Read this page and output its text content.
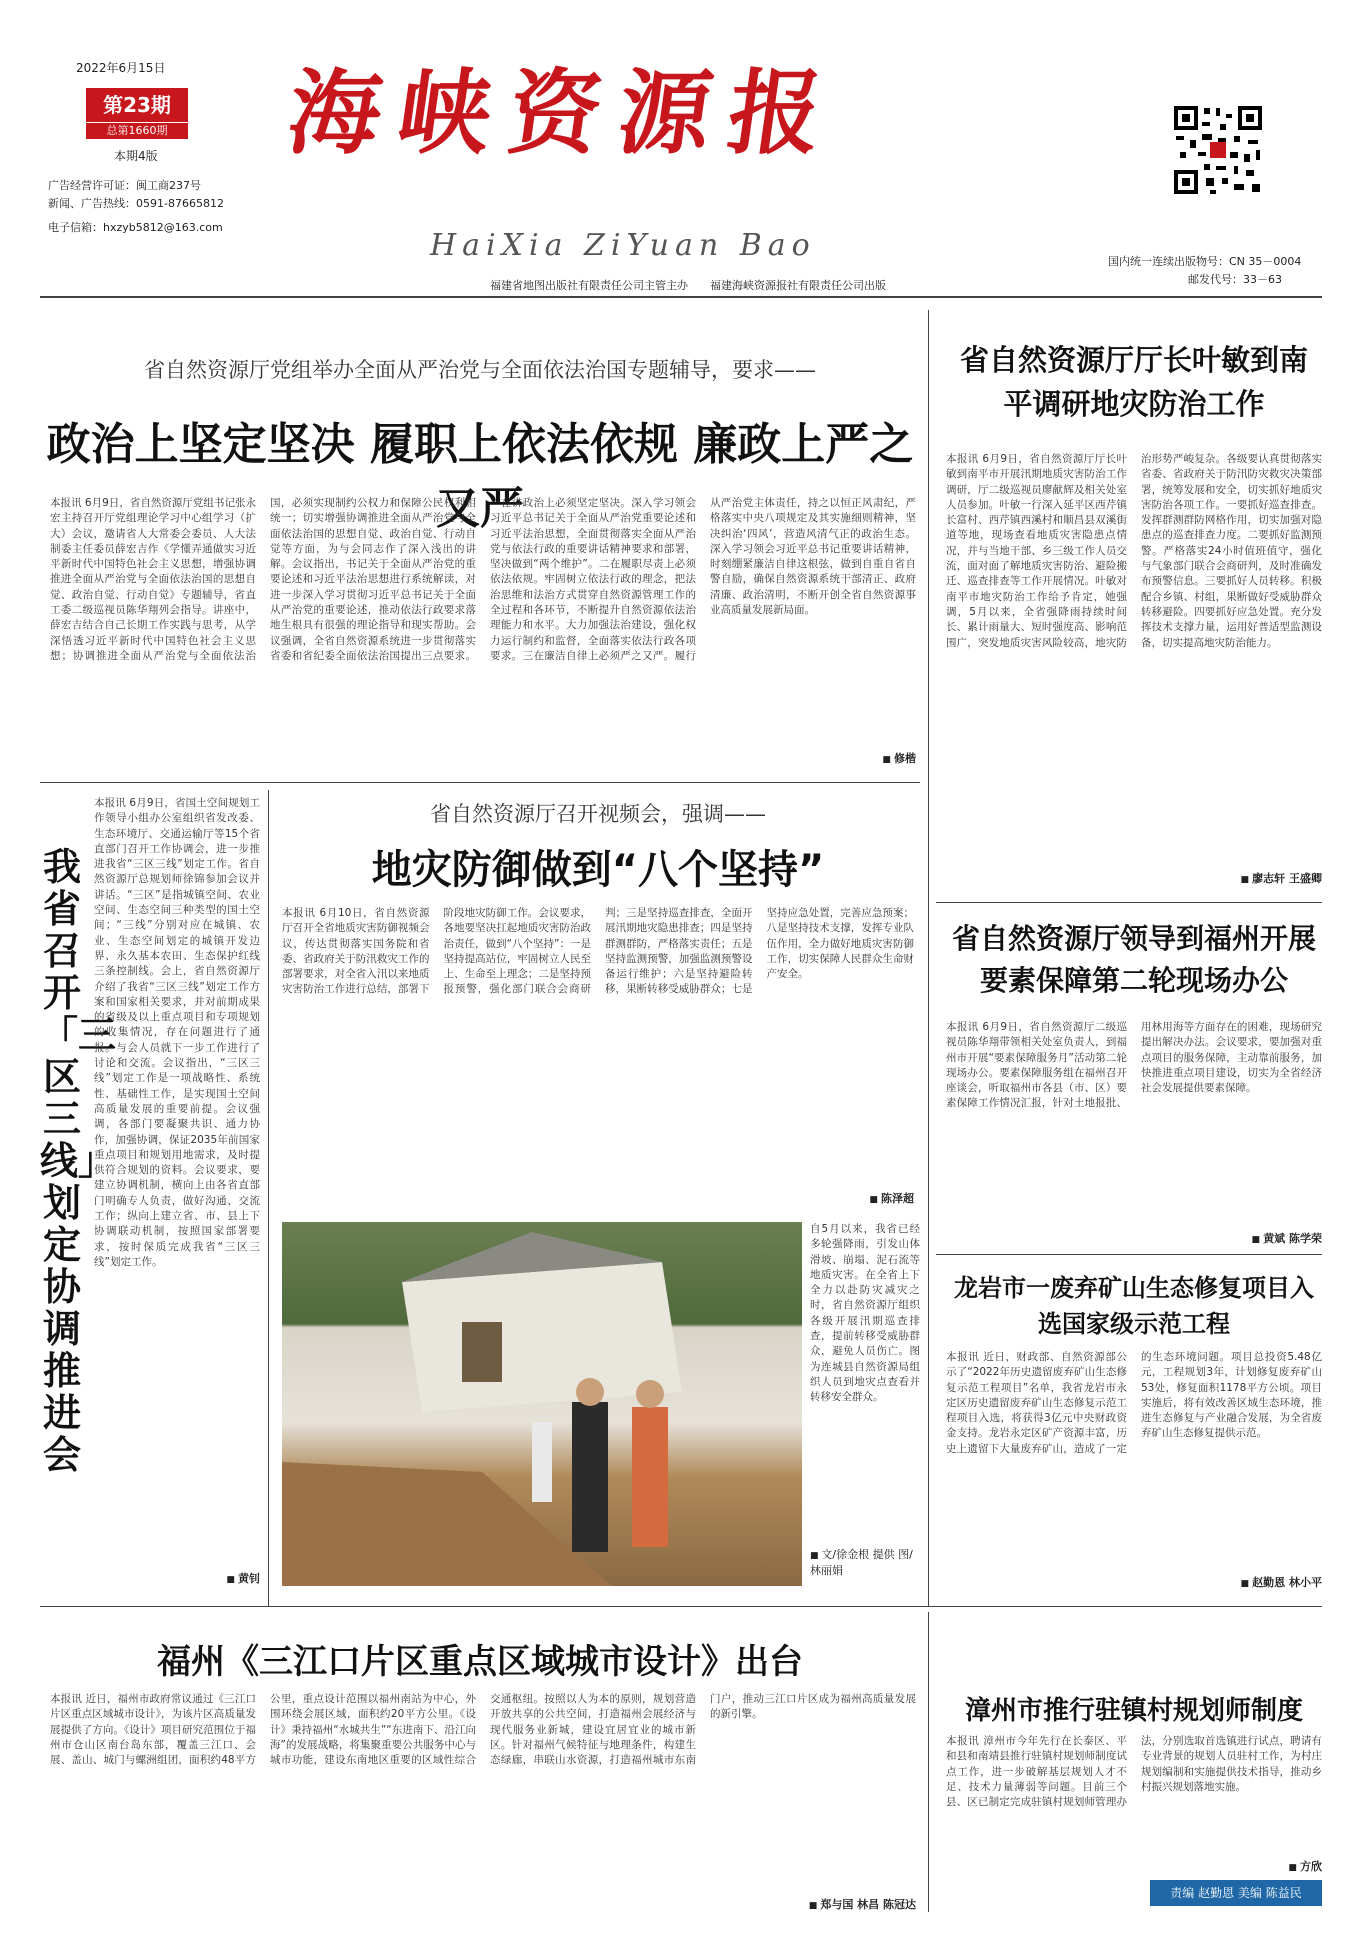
2022年6月15日
第23期
总第1660期
本期4版
广告经营许可证：闽工商237号
新闻、广告热线：0591-87665812
电子信箱：hxzyb5812@163.com
海峡资源报
HaiXia ZiYuan Bao
福建省地图出版社有限责任公司主管主办　　福建海峡资源报社有限责任公司出版
国内统一连续出版物号：CN 35－0004
邮发代号：33－63
省自然资源厅党组举办全面从严治党与全面依法治国专题辅导，要求——
政治上坚定坚决 履职上依法依规 廉政上严之又严
本报讯 6月9日，省自然资源厅党组书记张永宏主持召开厅党组理论学习中心组学习（扩大）会议，邀请省人大常委会委员、人大法制委主任委员薛宏吉作《学懂弄通做实习近平新时代中国特色社会主义思想，增强协调推进全面从严治党与全面依法治国的思想自觉、政治自觉、行动自觉》专题辅导，省直工委二级巡视员陈华翔列会指导。讲座中，薛宏吉结合自己长期工作实践与思考，从学深悟透习近平新时代中国特色社会主义思想；协调推进全面从严治党与全面依法治国，必须实现制约公权力和保障公民权利相统一；切实增强协调推进全面从严治党与全面依法治国的思想自觉、政治自觉、行动自觉等方面，为与会同志作了深入浅出的讲解。会议指出，书记关于全面从严治党的重要论述和习近平法治思想进行系统解读，对进一步深入学习贯彻习近平总书记关于全面从严治党的重要论述，推动依法行政要求落地生根具有很强的理论指导和现实帮助。会议强调，全省自然资源系统进一步贯彻落实省委和省纪委全面依法治国提出三点要求。一在讲政治上必须坚定坚决。深入学习领会习近平总书记关于全面从严治党重要论述和习近平法治思想，全面贯彻落实全面从严治党与依法行政的重要讲话精神要求和部署，坚决做到“两个维护”。二在履职尽责上必须依法依规。牢固树立依法行政的理念，把法治思维和法治方式贯穿自然资源管理工作的全过程和各环节，不断提升自然资源依法治理能力和水平。大力加强法治建设，强化权力运行制约和监督，全面落实依法行政各项要求。三在廉洁自律上必须严之又严。履行从严治党主体责任，持之以恒正风肃纪，严格落实中央八项规定及其实施细则精神，坚决纠治‘四风’，营造风清气正的政治生态。深入学习领会习近平总书记重要讲话精神，时刻绷紧廉洁自律这根弦，做到自重自省自警自励，确保自然资源系统干部清正、政府清廉、政治清明，不断开创全省自然资源事业高质量发展新局面。
■ 修楷
省自然资源厅厅长叶敏到南平调研地灾防治工作
本报讯 6月9日，省自然资源厅厅长叶敏到南平市开展汛期地质灾害防治工作调研，厅二级巡视员廖献辉及相关处室人员参加。叶敏一行深入延平区西芹镇长富村、西芹镇西溪村和顺昌县双溪街道等地，现场查看地质灾害隐患点情况，并与当地干部、乡三级工作人员交流，面对面了解地质灾害防治、避险搬迁、巡查排查等工作开展情况。叶敏对南平市地灾防治工作给予肯定，她强调，5月以来，全省强降雨持续时间长、累计雨量大、短时强度高、影响范围广，突发地质灾害风险较高，地灾防治形势严峻复杂。各级要认真贯彻落实省委、省政府关于防汛防灾救灾决策部署，统筹发展和安全，切实抓好地质灾害防治各项工作。一要抓好巡查排查。发挥群测群防网格作用，切实加强对隐患点的巡查排查力度。二要抓好监测预警。严格落实24小时值班值守，强化与气象部门联合会商研判，及时准确发布预警信息。三要抓好人员转移。积极配合乡镇、村组，果断做好受威胁群众转移避险。四要抓好应急处置。充分发挥技术支撑力量，运用好普适型监测设备，切实提高地灾防治能力。
■ 廖志轩 王盛卿
我省召开「三区三线」划定协调推进会
本报讯 6月9日，省国土空间规划工作领导小组办公室组织省发改委、生态环境厅、交通运输厅等15个省直部门召开工作协调会，进一步推进我省“三区三线”划定工作。省自然资源厅总规划师徐锦参加会议并讲话。“三区”是指城镇空间、农业空间、生态空间三种类型的国土空间；“三线”分别对应在城镇、农业、生态空间划定的城镇开发边界、永久基本农田、生态保护红线三条控制线。会上，省自然资源厅介绍了我省“三区三线”划定工作方案和国家相关要求，并对前期成果的省级及以上重点项目和专项规划的收集情况，存在问题进行了通报。与会人员就下一步工作进行了讨论和交流。会议指出，“三区三线”划定工作是一项战略性、系统性、基础性工作，是实现国土空间高质量发展的重要前提。会议强调，各部门要凝聚共识、通力协作，加强协调，保证2035年前国家重点项目和规划用地需求，及时提供符合规划的资料。会议要求，要建立协调机制，横向上由各省直部门明确专人负责，做好沟通、交流工作；纵向上建立省、市、县上下协调联动机制，按照国家部署要求，按时保质完成我省“三区三线”划定工作。
■ 黄钊
省自然资源厅召开视频会，强调——
地灾防御做到“八个坚持”
本报讯 6月10日，省自然资源厅召开全省地质灾害防御视频会议，传达贯彻落实国务院和省委、省政府关于防汛救灾工作的部署要求，对全省入汛以来地质灾害防治工作进行总结，部署下阶段地灾防御工作。会议要求，各地要坚决扛起地质灾害防治政治责任，做到“八个坚持”：一是坚持提高站位，牢固树立人民至上、生命至上理念；二是坚持预报预警，强化部门联合会商研判；三是坚持巡查排查，全面开展汛期地灾隐患排查；四是坚持群测群防，严格落实责任；五是坚持监测预警，加强监测预警设备运行维护；六是坚持避险转移，果断转移受威胁群众；七是坚持应急处置，完善应急预案；八是坚持技术支撑，发挥专业队伍作用，全力做好地质灾害防御工作，切实保障人民群众生命财产安全。
■ 陈泽超
自5月以来，我省已经多轮强降雨，引发山体滑坡、崩塌、泥石流等地质灾害。在全省上下全力以赴防灾减灾之时，省自然资源厅组织各级开展汛期巡查排查，提前转移受威胁群众，避免人员伤亡。图为连城县自然资源局组织人员到地灾点查看并转移安全群众。
■ 文/徐金根 提供 图/林丽娟
省自然资源厅领导到福州开展要素保障第二轮现场办公
本报讯 6月9日，省自然资源厅二级巡视员陈华翔带领相关处室负责人，到福州市开展“要素保障服务月”活动第二轮现场办公。要素保障服务组在福州召开座谈会，听取福州市各县（市、区）要素保障工作情况汇报，针对土地报批、用林用海等方面存在的困难，现场研究提出解决办法。会议要求，要加强对重点项目的服务保障，主动靠前服务，加快推进重点项目建设，切实为全省经济社会发展提供要素保障。
■ 黄斌 陈学荣
龙岩市一废弃矿山生态修复项目入选国家级示范工程
本报讯 近日，财政部、自然资源部公示了“2022年历史遗留废弃矿山生态修复示范工程项目”名单，我省龙岩市永定区历史遗留废弃矿山生态修复示范工程项目入选，将获得3亿元中央财政资金支持。龙岩永定区矿产资源丰富，历史上遗留下大量废弃矿山，造成了一定的生态环境问题。项目总投资5.48亿元，工程规划3年，计划修复废弃矿山53处，修复面积1178平方公顷。项目实施后，将有效改善区域生态环境，推进生态修复与产业融合发展，为全省废弃矿山生态修复提供示范。
■ 赵勤恩 林小平
福州《三江口片区重点区域城市设计》出台
本报讯 近日，福州市政府常议通过《三江口片区重点区域城市设计》，为该片区高质量发展提供了方向。《设计》项目研究范围位于福州市仓山区南台岛东部，覆盖三江口、会展、盖山、城门与螺洲组团，面积约48平方公里，重点设计范围以福州南站为中心，外围环绕会展区域，面积约20平方公里。《设计》秉持福州“水城共生”“东进南下、沿江向海”的发展战略，将集聚重要公共服务中心与城市功能，建设东南地区重要的区域性综合交通枢纽。按照以人为本的原则，规划营造开放共享的公共空间，打造福州会展经济与现代服务业新城，建设宜居宜业的城市新区。针对福州气候特征与地理条件，构建生态绿廊，串联山水资源，打造福州城市东南门户，推动三江口片区成为福州高质量发展的新引擎。
■ 郑与国 林昌 陈冠达
漳州市推行驻镇村规划师制度
本报讯 漳州市今年先行在长泰区、平和县和南靖县推行驻镇村规划师制度试点工作，进一步破解基层规划人才不足、技术力量薄弱等问题。目前三个县、区已制定完成驻镇村规划师管理办法，分别选取首选镇进行试点，聘请有专业背景的规划人员驻村工作，为村庄规划编制和实施提供技术指导，推动乡村振兴规划落地实施。
■ 方欣
责编 赵勤恩 美编 陈益民
